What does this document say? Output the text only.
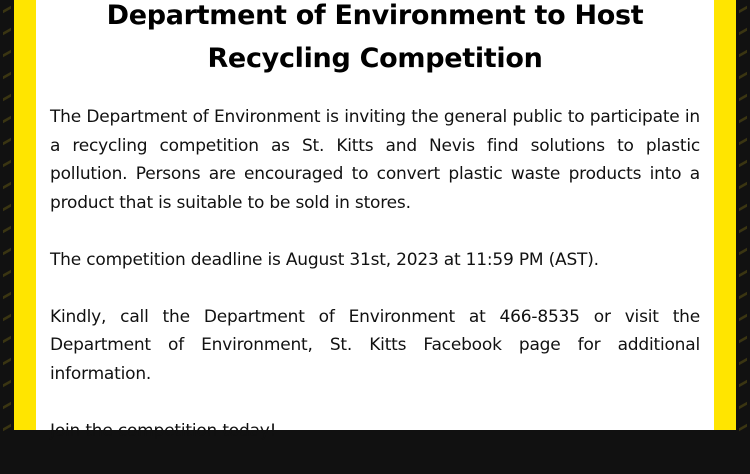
Department of Environment to Host
Recycling Competition

The Department of Environment is inviting the general public to participate in a recycling competition as St. Kitts and Nevis find solutions to plastic pollution. Persons are encouraged to convert plastic waste products into a product that is suitable to be sold in stores.

The competition deadline is August 31st, 2023 at 11:59 PM (AST).

Kindly, call the Department of Environment at 466-8535 or visit the Department of Environment, St. Kitts Facebook page for additional information.

Join the competition today!
